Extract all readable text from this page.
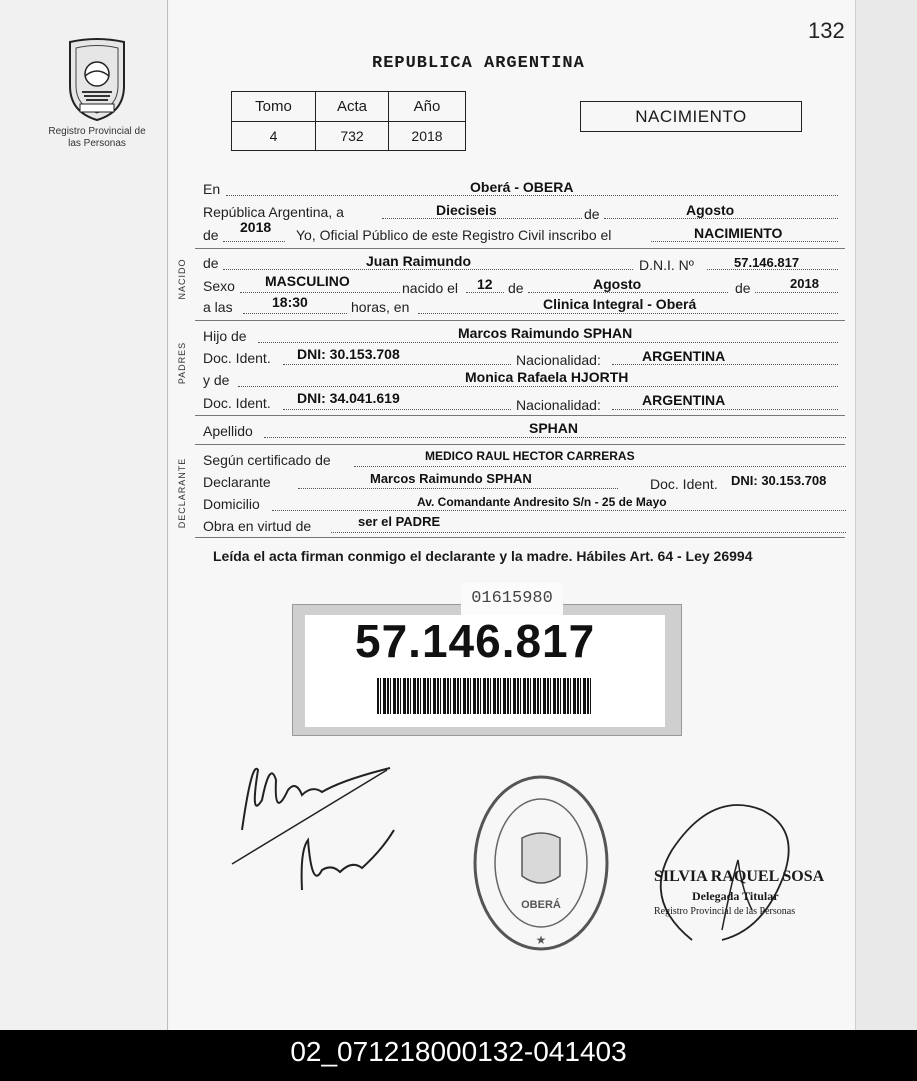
132
Registro Provincial de las Personas
REPUBLICA ARGENTINA
Tomo	Acta	Año
4	732	2018
NACIMIENTO
En	Oberá - OBERA
República Argentina, a	Dieciseis	de	Agosto
de 2018 Yo, Oficial Público de este Registro Civil inscribo el	NACIMIENTO
NACIDO de	Juan Raimundo	D.N.I. Nº	57.146.817
Sexo MASCULINO	nacido el 12 de	Agosto	de	2018
a las	18:30	horas, en	Clinica Integral - Oberá
PADRES
Hijo de	Marcos Raimundo SPHAN
Doc. Ident. DNI: 30.153.708	Nacionalidad:	ARGENTINA
y de	Monica Rafaela HJORTH
Doc. Ident. DNI: 34.041.619	Nacionalidad:	ARGENTINA
Apellido	SPHAN
DECLARANTE Según certificado de	MEDICO RAUL HECTOR CARRERAS
Declarante	Marcos Raimundo SPHAN	Doc. Ident. DNI: 30.153.708
Domicilio	Av. Comandante Andresito S/n - 25 de Mayo
Obra en virtud de	ser el PADRE
Leída el acta firman conmigo el declarante y la madre. Hábiles Art. 64 - Ley 26994
01615980
57.146.817
OBERÁ
★
SILVIA RAQUEL SOSA
Delegada Titular
Registro Provincial de las Personas
02_071218000132-041403
